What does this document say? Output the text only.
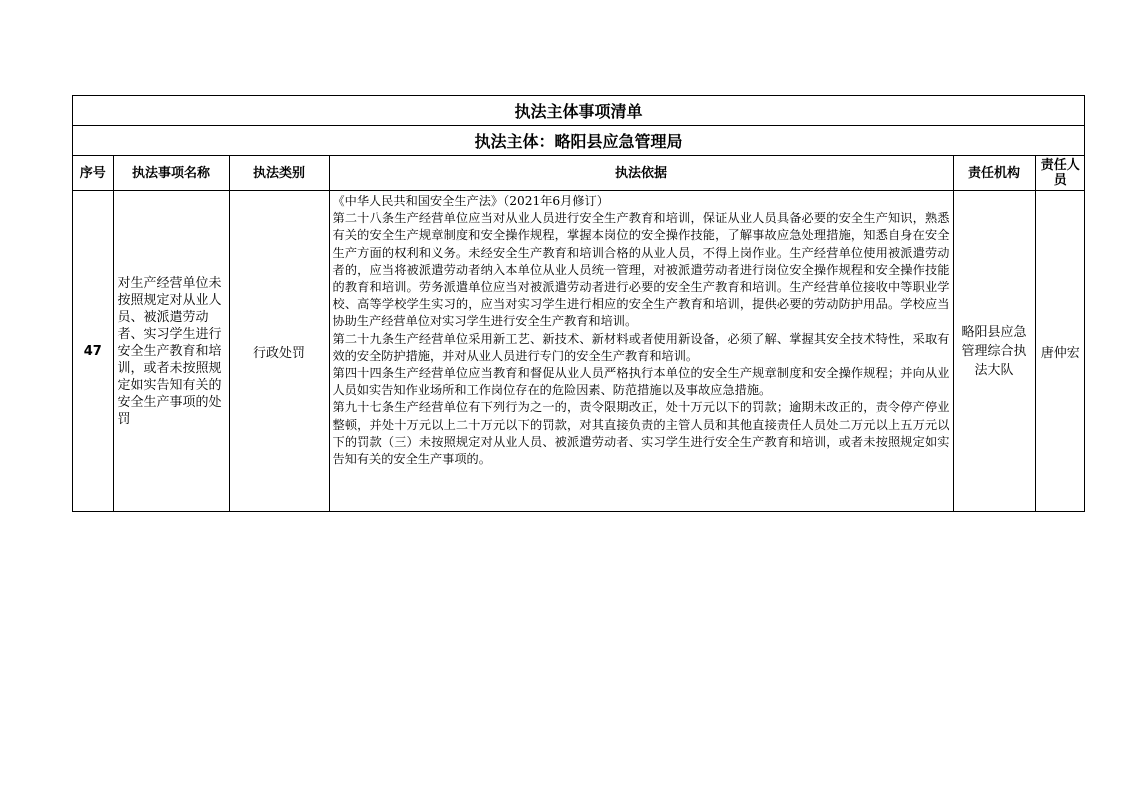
执法主体事项清单
执法主体：略阳县应急管理局
序号	执法事项名称	执法类别	执法依据	责任机构	责任人员
47	对生产经营单位未按照规定对从业人员、被派遣劳动者、实习学生进行安全生产教育和培训，或者未按照规定如实告知有关的安全生产事项的处罚	行政处罚	《中华人民共和国安全生产法》（2021年6月修订）

第二十八条生产经营单位应当对从业人员进行安全生产教育和培训，保证从业人员具备必要的安全生产知识，熟悉有关的安全生产规章制度和安全操作规程，掌握本岗位的安全操作技能，了解事故应急处理措施，知悉自身在安全生产方面的权利和义务。未经安全生产教育和培训合格的从业人员，不得上岗作业。生产经营单位使用被派遣劳动者的，应当将被派遣劳动者纳入本单位从业人员统一管理，对被派遣劳动者进行岗位安全操作规程和安全操作技能的教育和培训。劳务派遣单位应当对被派遣劳动者进行必要的安全生产教育和培训。生产经营单位接收中等职业学校、高等学校学生实习的，应当对实习学生进行相应的安全生产教育和培训，提供必要的劳动防护用品。学校应当协助生产经营单位对实习学生进行安全生产教育和培训。

第二十九条生产经营单位采用新工艺、新技术、新材料或者使用新设备，必须了解、掌握其安全技术特性，采取有效的安全防护措施，并对从业人员进行专门的安全生产教育和培训。

第四十四条生产经营单位应当教育和督促从业人员严格执行本单位的安全生产规章制度和安全操作规程；并向从业人员如实告知作业场所和工作岗位存在的危险因素、防范措施以及事故应急措施。

第九十七条生产经营单位有下列行为之一的，责令限期改正，处十万元以下的罚款；逾期未改正的，责令停产停业整顿，并处十万元以上二十万元以下的罚款，对其直接负责的主管人员和其他直接责任人员处二万元以上五万元以下的罚款（三）未按照规定对从业人员、被派遣劳动者、实习学生进行安全生产教育和培训，或者未按照规定如实告知有关的安全生产事项的。	略阳县应急管理综合执法大队	唐仲宏
